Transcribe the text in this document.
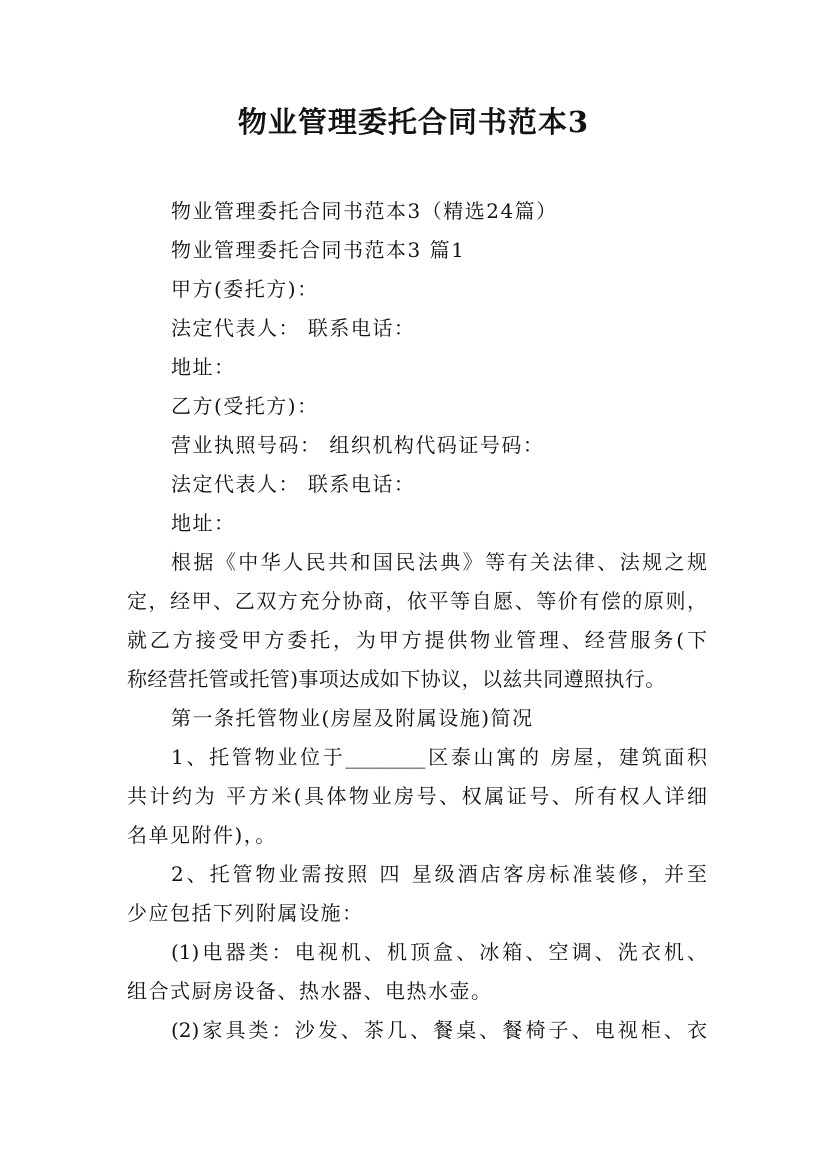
物业管理委托合同书范本3
物业管理委托合同书范本3（精选24篇）
物业管理委托合同书范本3 篇1
甲方(委托方)：
法定代表人： 联系电话：
地址：
乙方(受托方)：
营业执照号码： 组织机构代码证号码：
法定代表人： 联系电话：
地址：
根据《中华人民共和国民法典》等有关法律、法规之规
定，经甲、乙双方充分协商，依平等自愿、等价有偿的原则，
就乙方接受甲方委托，为甲方提供物业管理、经营服务(下
称经营托管或托管)事项达成如下协议，以兹共同遵照执行。
第一条托管物业(房屋及附属设施)简况
1、托管物业位于________区泰山寓的 房屋，建筑面积
共计约为 平方米(具体物业房号、权属证号、所有权人详细
名单见附件)，。
2、托管物业需按照 四 星级酒店客房标准装修，并至
少应包括下列附属设施：
(1)电器类：电视机、机顶盒、冰箱、空调、洗衣机、
组合式厨房设备、热水器、电热水壶。
(2)家具类：沙发、茶几、餐桌、餐椅子、电视柜、衣
